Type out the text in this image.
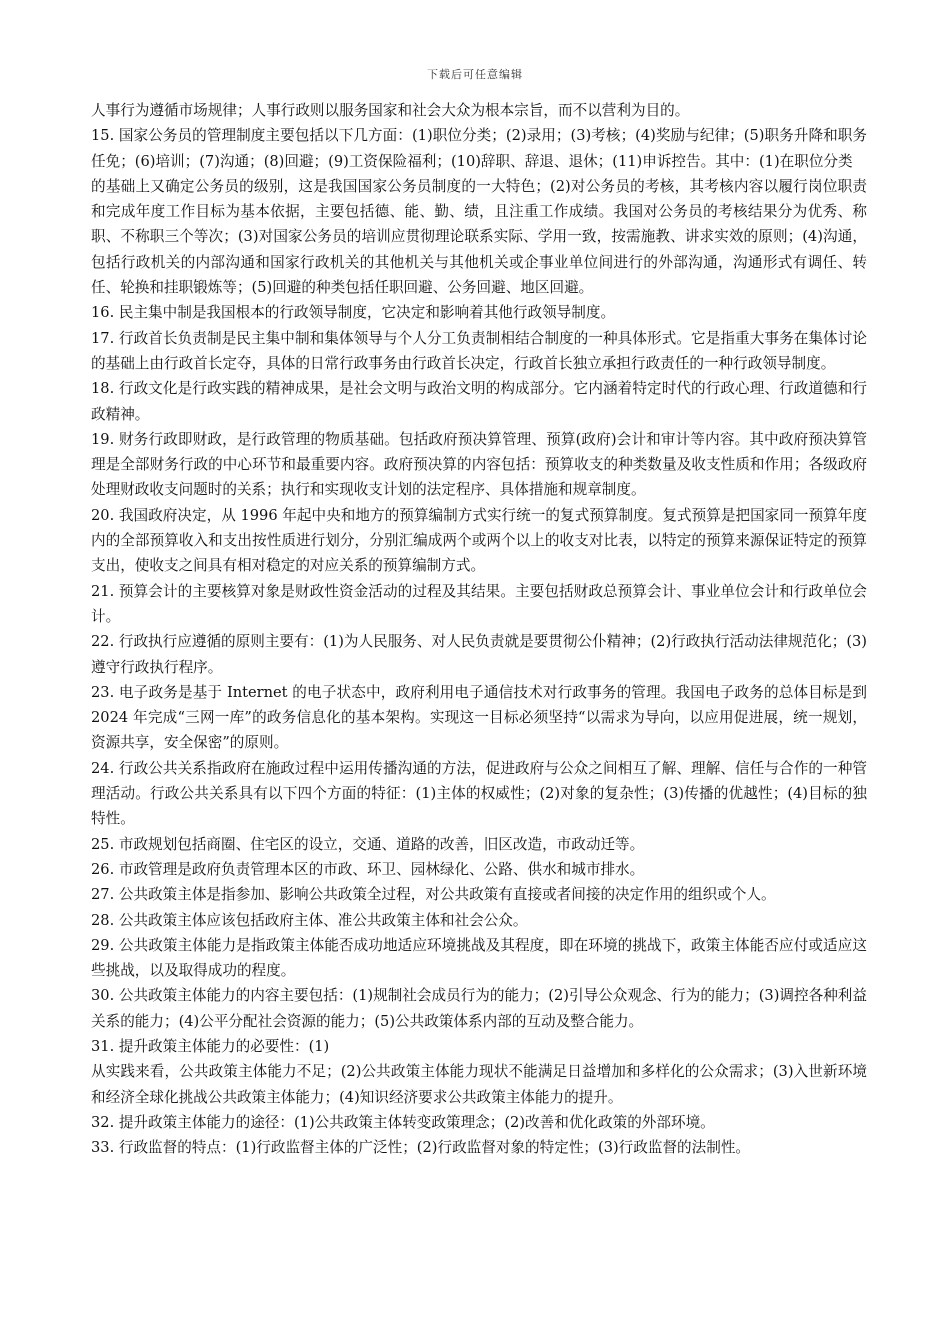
下载后可任意编辑

人事行为遵循市场规律；人事行政则以服务国家和社会大众为根本宗旨，而不以营利为目的。

15. 国家公务员的管理制度主要包括以下几方面：(1)职位分类；(2)录用；(3)考核；(4)奖励与纪律；(5)职务升降和职务任免；(6)培训；(7)沟通；(8)回避；(9)工资保险福利；(10)辞职、辞退、退休；(11)申诉控告。其中：(1)在职位分类

的基础上又确定公务员的级别，这是我国国家公务员制度的一大特色；(2)对公务员的考核，其考核内容以履行岗位职责和完成年度工作目标为基本依据，主要包括德、能、勤、绩，且注重工作成绩。我国对公务员的考核结果分为优秀、称职、不称职三个等次；(3)对国家公务员的培训应贯彻理论联系实际、学用一致，按需施教、讲求实效的原则；(4)沟通，包括行政机关的内部沟通和国家行政机关的其他机关与其他机关或企事业单位间进行的外部沟通，沟通形式有调任、转任、轮换和挂职锻炼等；(5)回避的种类包括任职回避、公务回避、地区回避。

16. 民主集中制是我国根本的行政领导制度，它决定和影响着其他行政领导制度。

17. 行政首长负责制是民主集中制和集体领导与个人分工负责制相结合制度的一种具体形式。它是指重大事务在集体讨论的基础上由行政首长定夺，具体的日常行政事务由行政首长决定，行政首长独立承担行政责任的一种行政领导制度。

18. 行政文化是行政实践的精神成果，是社会文明与政治文明的构成部分。它内涵着特定时代的行政心理、行政道德和行政精神。

19. 财务行政即财政，是行政管理的物质基础。包括政府预决算管理、预算(政府)会计和审计等内容。其中政府预决算管理是全部财务行政的中心环节和最重要内容。政府预决算的内容包括：预算收支的种类数量及收支性质和作用；各级政府处理财政收支问题时的关系；执行和实现收支计划的法定程序、具体措施和规章制度。

20. 我国政府决定，从 1996 年起中央和地方的预算编制方式实行统一的复式预算制度。复式预算是把国家同一预算年度内的全部预算收入和支出按性质进行划分，分别汇编成两个或两个以上的收支对比表，以特定的预算来源保证特定的预算支出，使收支之间具有相对稳定的对应关系的预算编制方式。

21. 预算会计的主要核算对象是财政性资金活动的过程及其结果。主要包括财政总预算会计、事业单位会计和行政单位会计。

22. 行政执行应遵循的原则主要有：(1)为人民服务、对人民负责就是要贯彻公仆精神；(2)行政执行活动法律规范化；(3)遵守行政执行程序。

23. 电子政务是基于 Internet 的电子状态中，政府利用电子通信技术对行政事务的管理。我国电子政务的总体目标是到 2024 年完成“三网一库”的政务信息化的基本架构。实现这一目标必须坚持“以需求为导向，以应用促进展，统一规划，资源共享，安全保密”的原则。

24. 行政公共关系指政府在施政过程中运用传播沟通的方法，促进政府与公众之间相互了解、理解、信任与合作的一种管理活动。行政公共关系具有以下四个方面的特征：(1)主体的权威性；(2)对象的复杂性；(3)传播的优越性；(4)目标的独特性。

25. 市政规划包括商圈、住宅区的设立，交通、道路的改善，旧区改造，市政动迁等。

26. 市政管理是政府负责管理本区的市政、环卫、园林绿化、公路、供水和城市排水。

27. 公共政策主体是指参加、影响公共政策全过程，对公共政策有直接或者间接的决定作用的组织或个人。

28. 公共政策主体应该包括政府主体、准公共政策主体和社会公众。

29. 公共政策主体能力是指政策主体能否成功地适应环境挑战及其程度，即在环境的挑战下，政策主体能否应付或适应这些挑战，以及取得成功的程度。

30. 公共政策主体能力的内容主要包括：(1)规制社会成员行为的能力；(2)引导公众观念、行为的能力；(3)调控各种利益关系的能力；(4)公平分配社会资源的能力；(5)公共政策体系内部的互动及整合能力。

31. 提升政策主体能力的必要性：(1)

从实践来看，公共政策主体能力不足；(2)公共政策主体能力现状不能满足日益增加和多样化的公众需求；(3)入世新环境和经济全球化挑战公共政策主体能力；(4)知识经济要求公共政策主体能力的提升。

32. 提升政策主体能力的途径：(1)公共政策主体转变政策理念；(2)改善和优化政策的外部环境。

33. 行政监督的特点：(1)行政监督主体的广泛性；(2)行政监督对象的特定性；(3)行政监督的法制性。
